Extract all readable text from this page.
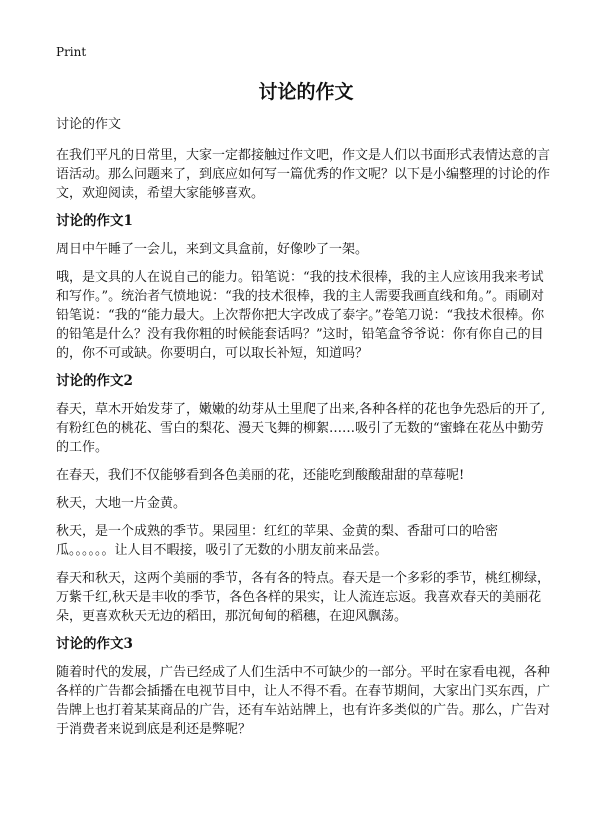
Print
讨论的作文
讨论的作文

在我们平凡的日常里，大家一定都接触过作文吧，作文是人们以书面形式表情达意的言语活动。那么问题来了，到底应如何写一篇优秀的作文呢？以下是小编整理的讨论的作文，欢迎阅读，希望大家能够喜欢。

讨论的作文1

周日中午睡了一会儿，来到文具盒前，好像吵了一架。

哦，是文具的人在说自己的能力。铅笔说：“我的技术很棒，我的主人应该用我来考试和写作。”。统治者气愤地说：“我的技术很棒，我的主人需要我画直线和角。”。雨刷对铅笔说：“我的“能力最大。上次帮你把大字改成了泰字。”卷笔刀说：“我技术很棒。你的铅笔是什么？没有我你粗的时候能套话吗？”这时，铅笔盒爷爷说：你有你自己的目的，你不可或缺。你要明白，可以取长补短，知道吗？

讨论的作文2

春天，草木开始发芽了，嫩嫩的幼芽从土里爬了出来,各种各样的花也争先恐后的开了,有粉红色的桃花、雪白的梨花、漫天飞舞的柳絮……吸引了无数的“蜜蜂在花丛中勤劳的工作。

在春天，我们不仅能够看到各色美丽的花，还能吃到酸酸甜甜的草莓呢!

秋天，大地一片金黄。

秋天，是一个成熟的季节。果园里：红红的苹果、金黄的梨、香甜可口的哈密瓜。。。。。。让人目不暇接，吸引了无数的小朋友前来品尝。

春天和秋天，这两个美丽的季节，各有各的特点。春天是一个多彩的季节，桃红柳绿，万紫千红,秋天是丰收的季节，各色各样的果实，让人流连忘返。我喜欢春天的美丽花朵，更喜欢秋天无边的稻田，那沉甸甸的稻穗，在迎风飘荡。

讨论的作文3

随着时代的发展，广告已经成了人们生活中不可缺少的一部分。平时在家看电视，各种各样的广告都会插播在电视节目中，让人不得不看。在春节期间，大家出门买东西，广告牌上也打着某某商品的广告，还有车站站牌上，也有许多类似的广告。那么，广告对于消费者来说到底是利还是弊呢？
